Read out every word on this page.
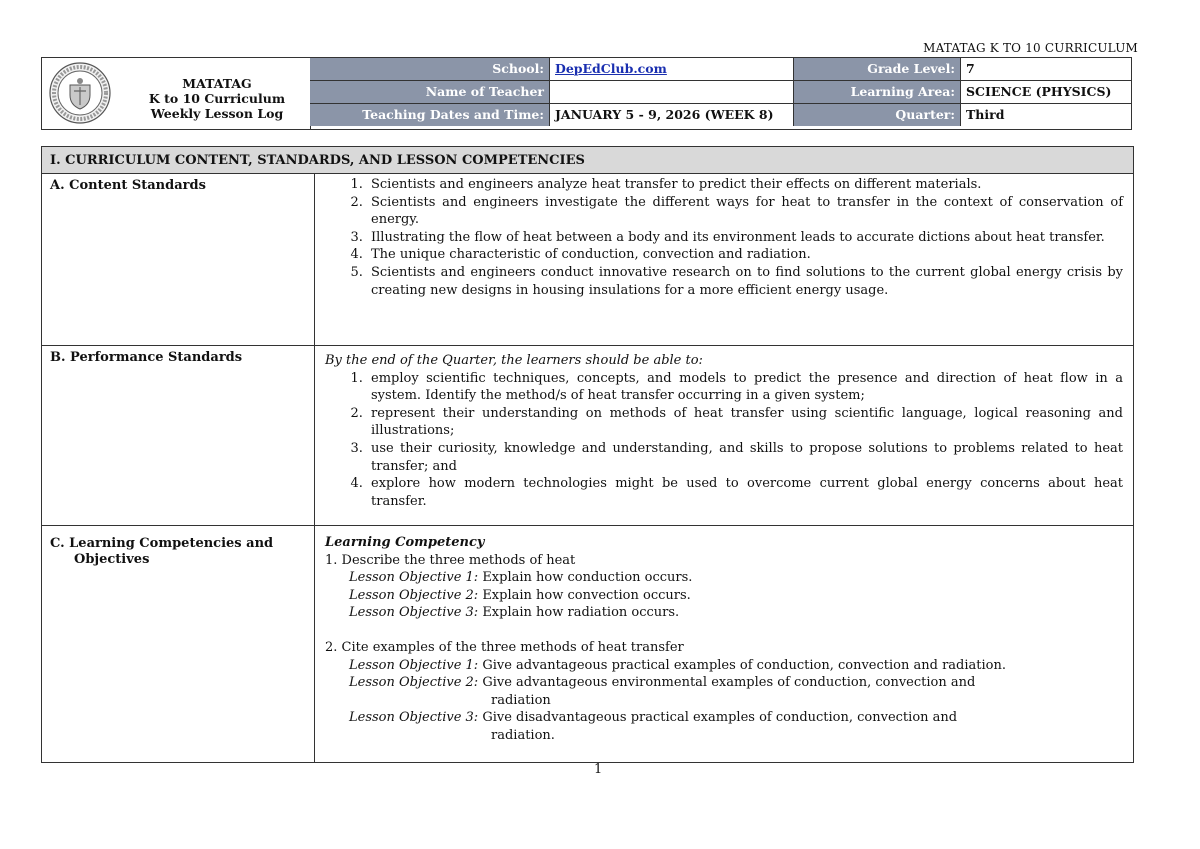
MATATAG K TO 10 CURRICULUM
MATATAG
K to 10 Curriculum
Weekly Lesson Log
School: DepEdClub.com	Grade Level: 7
Name of Teacher	Learning Area: SCIENCE (PHYSICS)
Teaching Dates and Time: JANUARY 5 - 9, 2026 (WEEK 8)	Quarter: Third
I. CURRICULUM CONTENT, STANDARDS, AND LESSON COMPETENCIES
A. Content Standards
1.	Scientists and engineers analyze heat transfer to predict their effects on different materials.
2. Scientists and engineers investigate the different ways for heat to transfer in the context of conservation of energy.
3. Illustrating the flow of heat between a body and its environment leads to accurate dictions about heat transfer.
4. The unique characteristic of conduction, convection and radiation.
5. Scientists and engineers conduct innovative research on to find solutions to the current global energy crisis by creating new designs in housing insulations for a more efficient energy usage.
B. Performance Standards	By the end of the Quarter, the learners should be able to:
1. employ scientific techniques, concepts, and models to predict the presence and direction of heat flow in a system. Identify the method/s of heat transfer occurring in a given system;
2. represent their understanding on methods of heat transfer using scientific language, logical reasoning and illustrations;
3. use their curiosity, knowledge and understanding, and skills to propose solutions to problems related to heat transfer; and
4. explore how modern technologies might be used to overcome current global energy concerns about heat transfer.
C. Learning Competencies and
Objectives
Learning Competency
1. Describe the three methods of heat
Lesson Objective 1: Explain how conduction occurs.
Lesson Objective 2: Explain how convection occurs.
Lesson Objective 3: Explain how radiation occurs.
2. Cite examples of the three methods of heat transfer
Lesson Objective 1: Give advantageous practical examples of conduction, convection and radiation.
Lesson Objective 2: Give advantageous environmental examples of conduction, convection and
radiation
Lesson Objective 3: Give disadvantageous practical examples of conduction, convection and
radiation.
1
